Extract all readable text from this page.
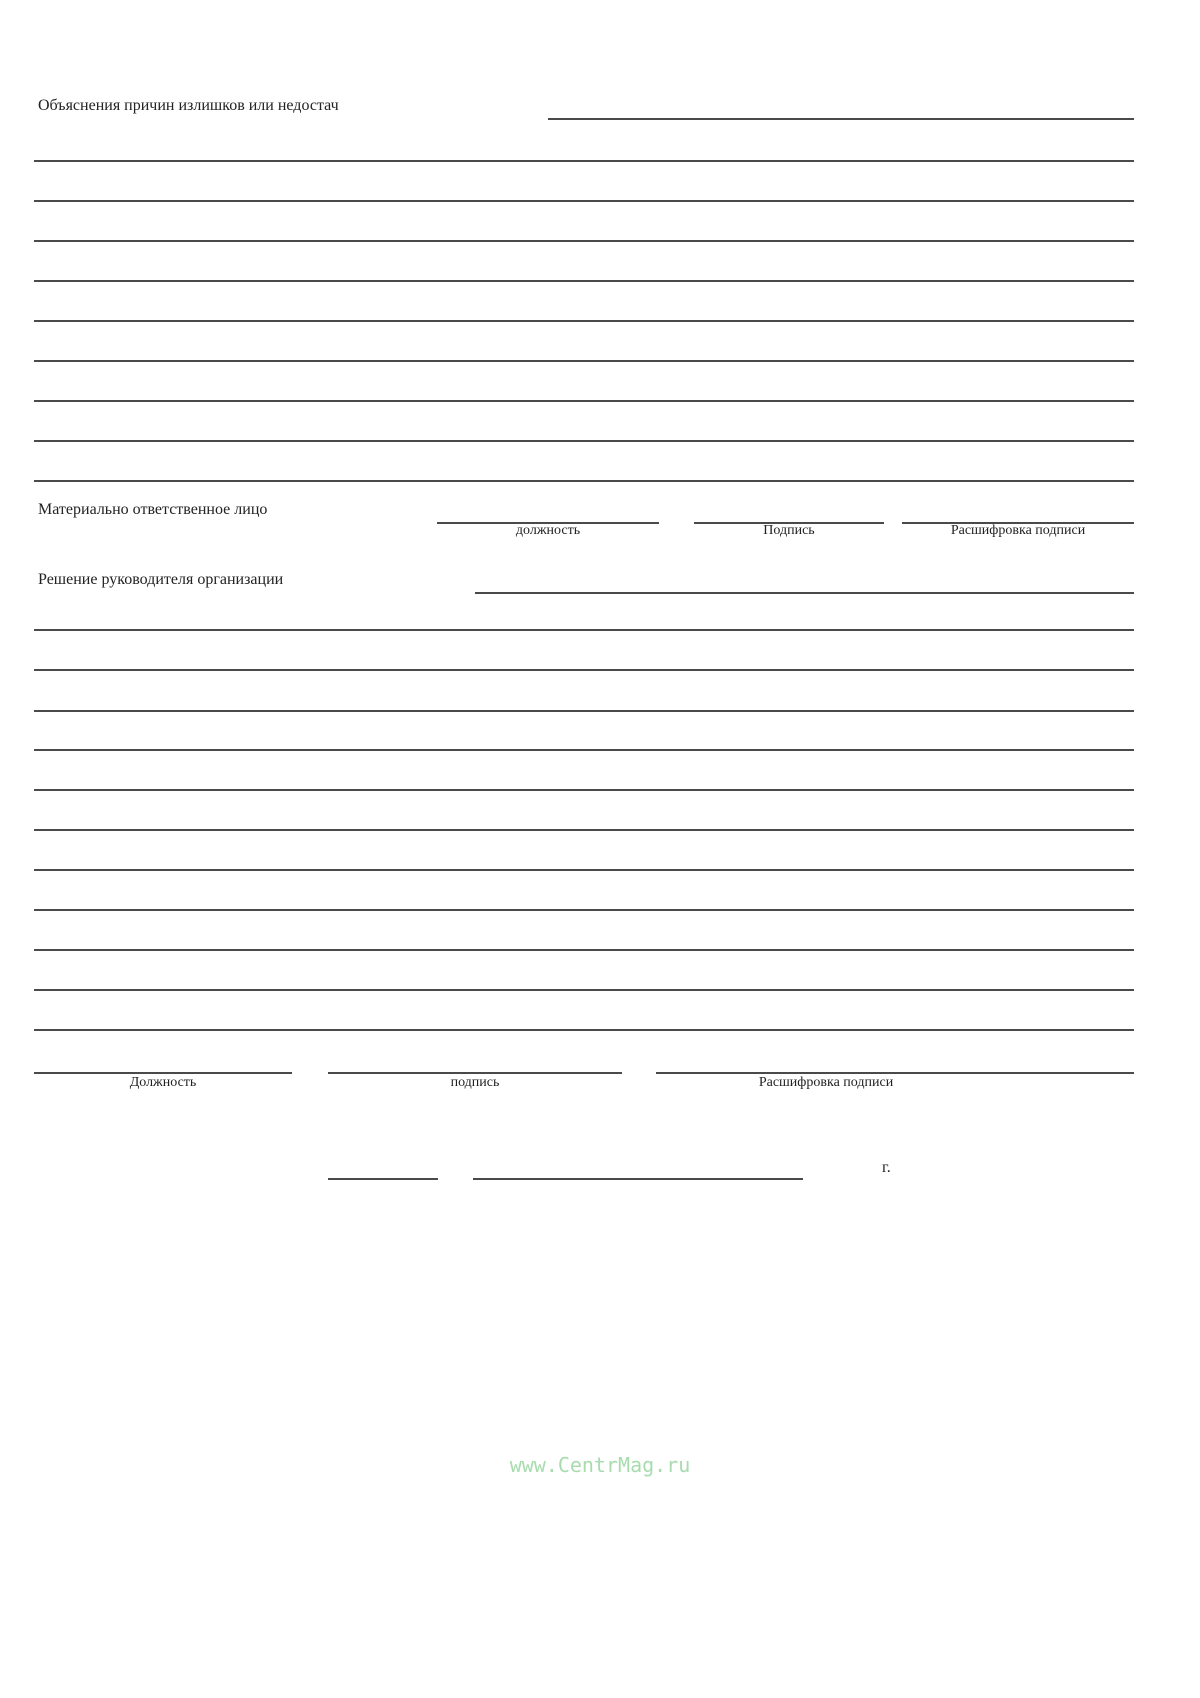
Объяснения причин излишков или недостач
Материально ответственное лицо
должность	Подпись	Расшифровка подписи
Решение руководителя организации
Должность	подпись	Расшифровка подписи
г.
www.CentrMag.ru
